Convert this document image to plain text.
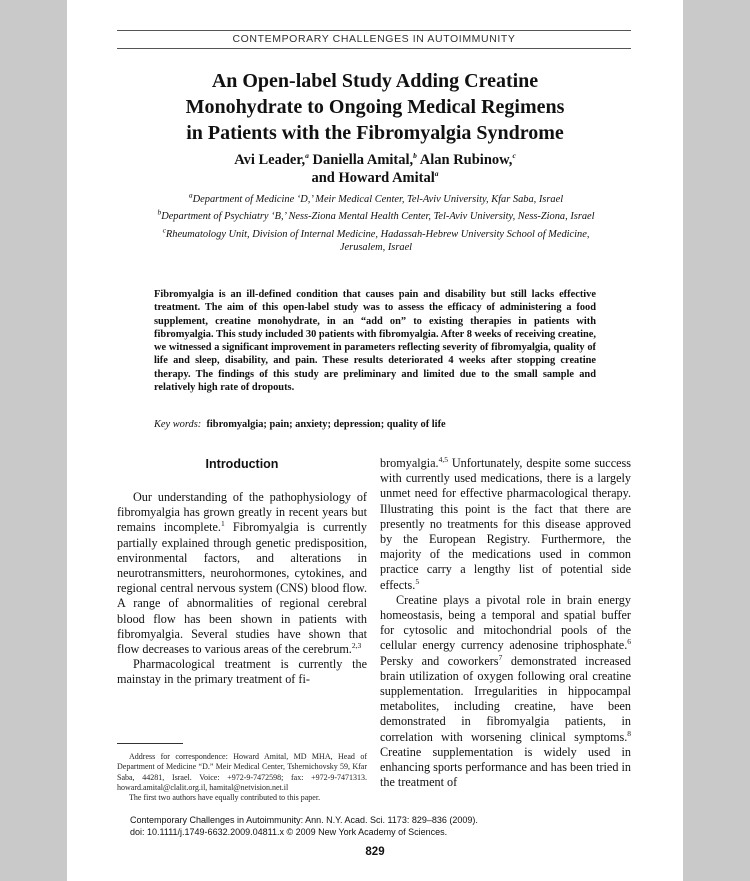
CONTEMPORARY CHALLENGES IN AUTOIMMUNITY
An Open-label Study Adding Creatine
Monohydrate to Ongoing Medical Regimens
in Patients with the Fibromyalgia Syndrome
Avi Leader,$^a$ Daniella Amital,$^b$ Alan Rubinow,$^c$
and Howard Amital$^a$
$^a$Department of Medicine ‘D,’ Meir Medical Center, Tel-Aviv University, Kfar Saba, Israel
$^b$Department of Psychiatry ‘B,’ Ness-Ziona Mental Health Center, Tel-Aviv University, Ness-Ziona, Israel
$^c$Rheumatology Unit, Division of Internal Medicine, Hadassah-Hebrew University School of Medicine, Jerusalem, Israel
Fibromyalgia is an ill-defined condition that causes pain and disability but still lacks effective treatment. The aim of this open-label study was to assess the efficacy of administering a food supplement, creatine monohydrate, in an “add on” to existing therapies in patients with fibromyalgia. This study included 30 patients with fibromyalgia. After 8 weeks of receiving creatine, we witnessed a significant improvement in parameters reflecting severity of fibromyalgia, quality of life and sleep, disability, and pain. These results deteriorated 4 weeks after stopping creatine therapy. The findings of this study are preliminary and limited due to the small sample and relatively high rate of dropouts.
Key words: fibromyalgia; pain; anxiety; depression; quality of life
Introduction

Our understanding of the pathophysiology of fibromyalgia has grown greatly in recent years but remains incomplete.$^1$ Fibromyalgia is currently partially explained through genetic predisposition, environmental factors, and alterations in neurotransmitters, neurohormones, cytokines, and regional central nervous system (CNS) blood flow. A range of abnormalities of regional cerebral blood flow has been shown in patients with fibromyalgia. Several studies have shown that flow decreases to various areas of the cerebrum.$^{2,3}$

Pharmacological treatment is currently the mainstay in the primary treatment of fi-

bromyalgia.$^{4,5}$ Unfortunately, despite some success with currently used medications, there is a largely unmet need for effective pharmacological therapy. Illustrating this point is the fact that there are presently no treatments for this disease approved by the European Registry. Furthermore, the majority of the medications used in common practice carry a lengthy list of potential side effects.$^5$

Creatine plays a pivotal role in brain energy homeostasis, being a temporal and spatial buffer for cytosolic and mitochondrial pools of the cellular energy currency adenosine triphosphate.$^6$ Persky and coworkers$^7$ demonstrated increased brain utilization of oxygen following oral creatine supplementation. Irregularities in hippocampal metabolites, including creatine, have been demonstrated in fibromyalgia patients, in correlation with worsening clinical symptoms.$^8$ Creatine supplementation is widely used in enhancing sports performance and has been tried in the treatment of

Address for correspondence: Howard Amital, MD MHA, Head of Department of Medicine “D.” Meir Medical Center, Tshernichovsky 59, Kfar Saba, 44281, Israel. Voice: +972-9-7472598; fax: +972-9-7471313. howard.amital@clalit.org.il, hamital@netvision.net.il

The first two authors have equally contributed to this paper.

Contemporary Challenges in Autoimmunity: Ann. N.Y. Acad. Sci. 1173: 829–836 (2009).
doi: 10.1111/j.1749-6632.2009.04811.x © 2009 New York Academy of Sciences.
829
